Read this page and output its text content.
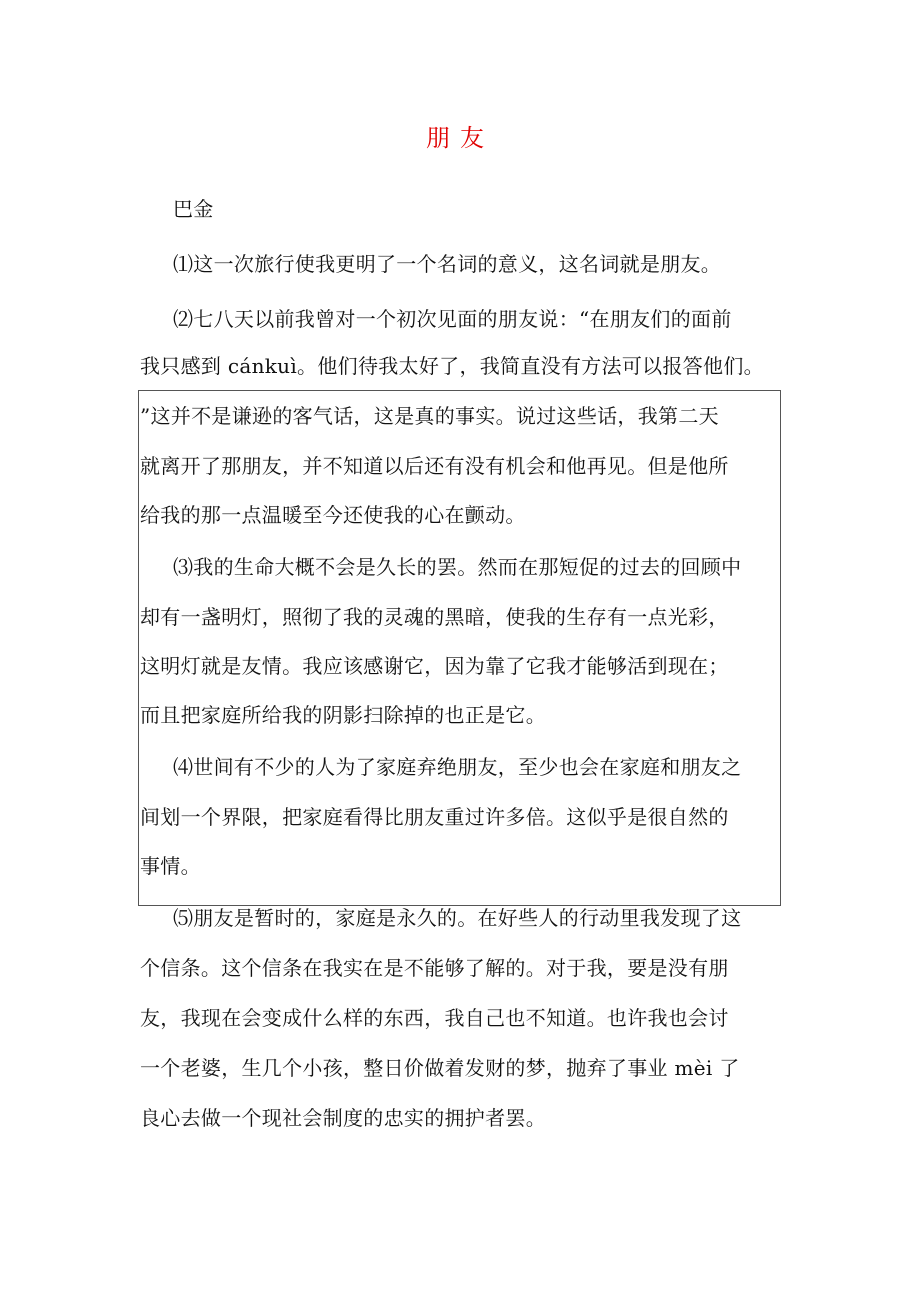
朋友
巴金
⑴这一次旅行使我更明了一个名词的意义，这名词就是朋友。
⑵七八天以前我曾对一个初次见面的朋友说：“在朋友们的面前
我只感到 cánkuì。他们待我太好了，我简直没有方法可以报答他们。
”这并不是谦逊的客气话，这是真的事实。说过这些话，我第二天
就离开了那朋友，并不知道以后还有没有机会和他再见。但是他所
给我的那一点温暖至今还使我的心在颤动。
⑶我的生命大概不会是久长的罢。然而在那短促的过去的回顾中
却有一盏明灯，照彻了我的灵魂的黑暗，使我的生存有一点光彩，
这明灯就是友情。我应该感谢它，因为靠了它我才能够活到现在；
而且把家庭所给我的阴影扫除掉的也正是它。
⑷世间有不少的人为了家庭弃绝朋友，至少也会在家庭和朋友之
间划一个界限，把家庭看得比朋友重过许多倍。这似乎是很自然的
事情。
⑸朋友是暂时的，家庭是永久的。在好些人的行动里我发现了这
个信条。这个信条在我实在是不能够了解的。对于我，要是没有朋
友，我现在会变成什么样的东西，我自己也不知道。也许我也会讨
一个老婆，生几个小孩，整日价做着发财的梦，抛弃了事业 mèi 了
良心去做一个现社会制度的忠实的拥护者罢。
